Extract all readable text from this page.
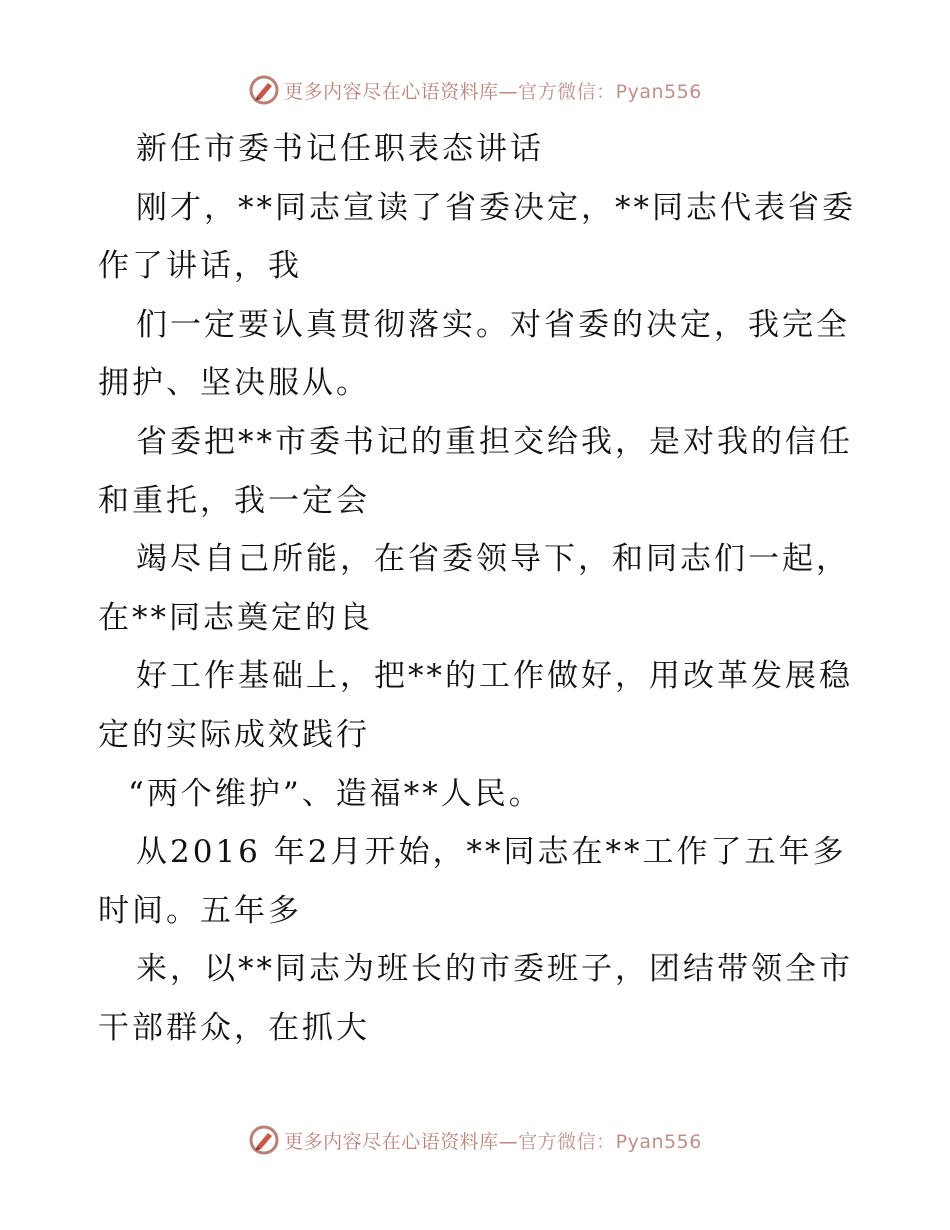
更多内容尽在心语资料库—官方微信：Pyan556
新任市委书记任职表态讲话
刚才，**同志宣读了省委决定，**同志代表省委
作了讲话，我
们一定要认真贯彻落实。对省委的决定，我完全
拥护、坚决服从。
省委把**市委书记的重担交给我，是对我的信任
和重托，我一定会
竭尽自己所能，在省委领导下，和同志们一起，
在**同志奠定的良
好工作基础上，把**的工作做好，用改革发展稳
定的实际成效践行
“两个维护”、造福**人民。
从2016 年2月开始，**同志在**工作了五年多
时间。五年多
来，以**同志为班长的市委班子，团结带领全市
干部群众，在抓大
更多内容尽在心语资料库—官方微信：Pyan556
